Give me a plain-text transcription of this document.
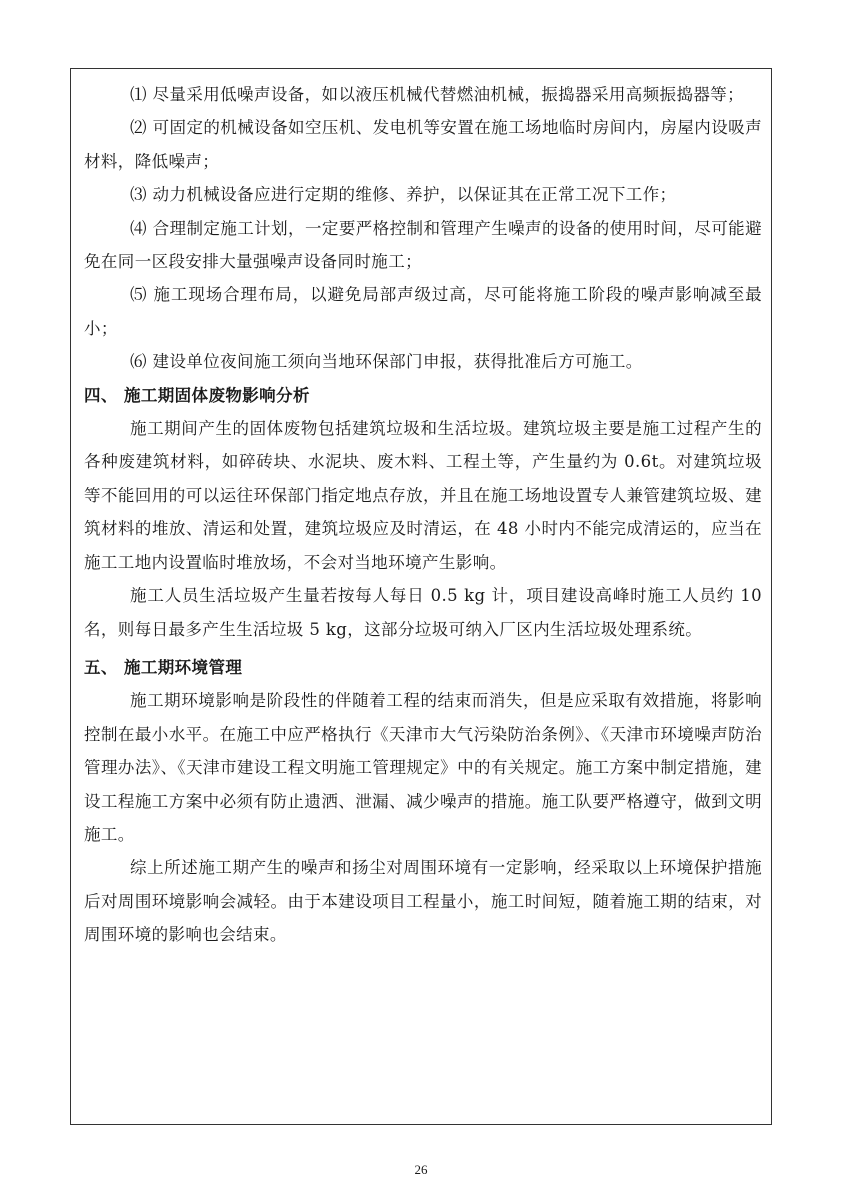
⑴ 尽量采用低噪声设备，如以液压机械代替燃油机械，振捣器采用高频振捣器等；

⑵ 可固定的机械设备如空压机、发电机等安置在施工场地临时房间内，房屋内设吸声材料，降低噪声；

⑶ 动力机械设备应进行定期的维修、养护，以保证其在正常工况下工作；

⑷ 合理制定施工计划，一定要严格控制和管理产生噪声的设备的使用时间，尽可能避免在同一区段安排大量强噪声设备同时施工；

⑸ 施工现场合理布局，以避免局部声级过高，尽可能将施工阶段的噪声影响减至最小；

⑹ 建设单位夜间施工须向当地环保部门申报，获得批准后方可施工。

四、 施工期固体废物影响分析

施工期间产生的固体废物包括建筑垃圾和生活垃圾。建筑垃圾主要是施工过程产生的各种废建筑材料，如碎砖块、水泥块、废木料、工程土等，产生量约为 0.6t。对建筑垃圾等不能回用的可以运往环保部门指定地点存放，并且在施工场地设置专人兼管建筑垃圾、建筑材料的堆放、清运和处置，建筑垃圾应及时清运，在 48 小时内不能完成清运的，应当在施工工地内设置临时堆放场，不会对当地环境产生影响。

施工人员生活垃圾产生量若按每人每日 0.5 kg 计，项目建设高峰时施工人员约 10 名，则每日最多产生生活垃圾 5 kg，这部分垃圾可纳入厂区内生活垃圾处理系统。

五、 施工期环境管理

施工期环境影响是阶段性的伴随着工程的结束而消失，但是应采取有效措施，将影响控制在最小水平。在施工中应严格执行《天津市大气污染防治条例》、《天津市环境噪声防治管理办法》、《天津市建设工程文明施工管理规定》中的有关规定。施工方案中制定措施，建设工程施工方案中必须有防止遗洒、泄漏、减少噪声的措施。施工队要严格遵守，做到文明施工。

综上所述施工期产生的噪声和扬尘对周围环境有一定影响，经采取以上环境保护措施后对周围环境影响会减轻。由于本建设项目工程量小，施工时间短，随着施工期的结束，对周围环境的影响也会结束。

26
